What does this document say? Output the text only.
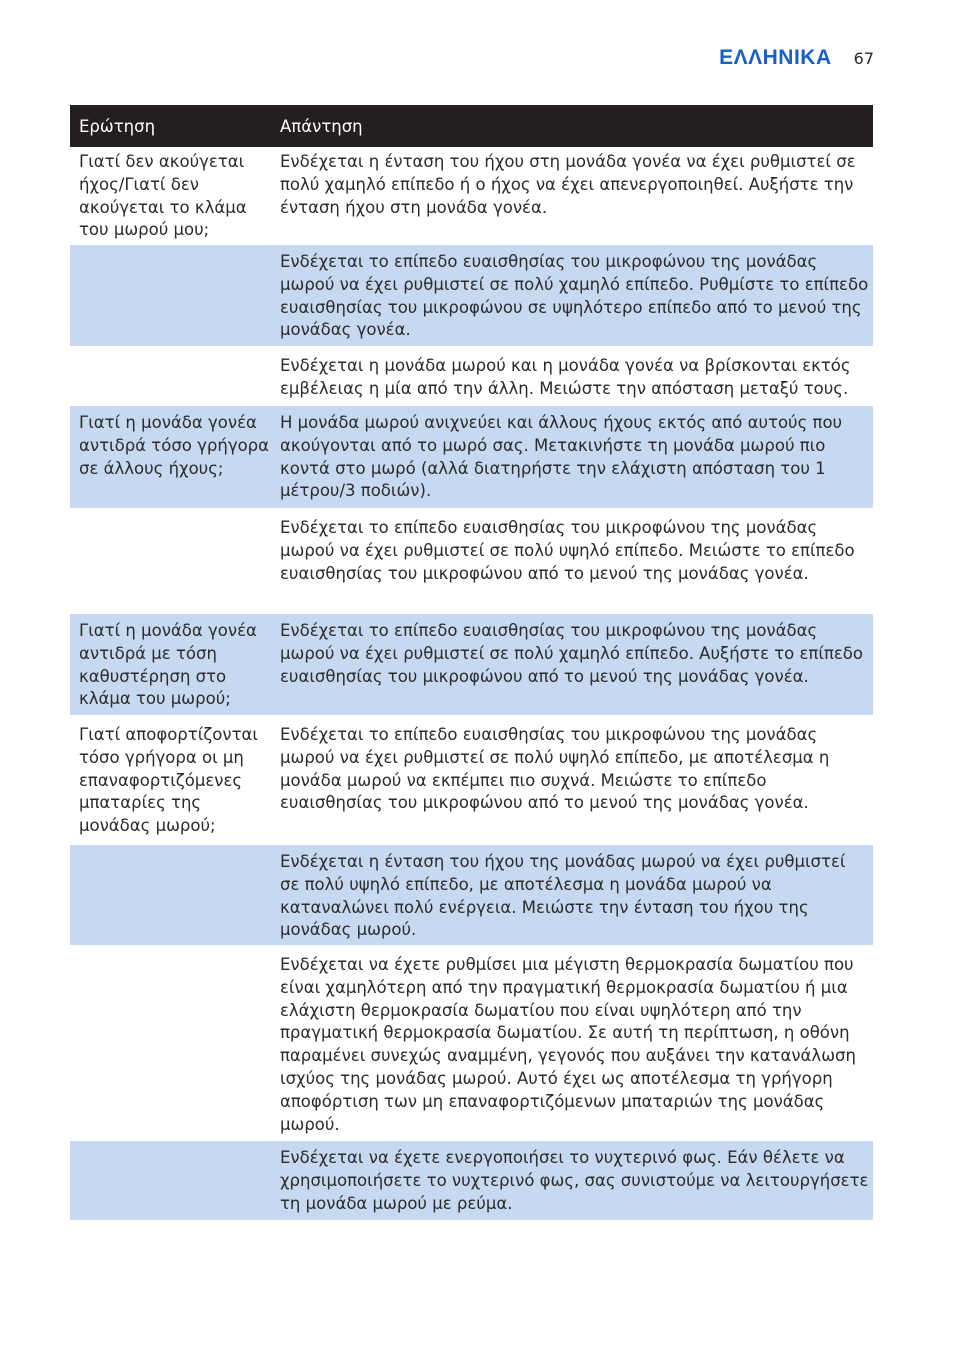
ΕΛΛΗΝΙΚΑ 67
Ερώτηση	Απάντηση
Γιατί δεν ακούγεται ήχος/Γιατί δεν ακούγεται το κλάμα του μωρού μου;
Ενδέχεται η ένταση του ήχου στη μονάδα γονέα να έχει ρυθμιστεί σε πολύ χαμηλό επίπεδο ή ο ήχος να έχει απενεργοποιηθεί. Αυξήστε την ένταση ήχου στη μονάδα γονέα.
Ενδέχεται το επίπεδο ευαισθησίας του μικροφώνου της μονάδας μωρού να έχει ρυθμιστεί σε πολύ χαμηλό επίπεδο. Ρυθμίστε το επίπεδο ευαισθησίας του μικροφώνου σε υψηλότερο επίπεδο από το μενού της μονάδας γονέα.
Ενδέχεται η μονάδα μωρού και η μονάδα γονέα να βρίσκονται εκτός εμβέλειας η μία από την άλλη. Μειώστε την απόσταση μεταξύ τους.
Γιατί η μονάδα γονέα αντιδρά τόσο γρήγορα σε άλλους ήχους;
Η μονάδα μωρού ανιχνεύει και άλλους ήχους εκτός από αυτούς που ακούγονται από το μωρό σας. Μετακινήστε τη μονάδα μωρού πιο κοντά στο μωρό (αλλά διατηρήστε την ελάχιστη απόσταση του 1 μέτρου/3 ποδιών).
Ενδέχεται το επίπεδο ευαισθησίας του μικροφώνου της μονάδας μωρού να έχει ρυθμιστεί σε πολύ υψηλό επίπεδο. Μειώστε το επίπεδο ευαισθησίας του μικροφώνου από το μενού της μονάδας γονέα.
Γιατί η μονάδα γονέα αντιδρά με τόση καθυστέρηση στο κλάμα του μωρού;
Ενδέχεται το επίπεδο ευαισθησίας του μικροφώνου της μονάδας μωρού να έχει ρυθμιστεί σε πολύ χαμηλό επίπεδο. Αυξήστε το επίπεδο ευαισθησίας του μικροφώνου από το μενού της μονάδας γονέα.
Γιατί αποφορτίζονται τόσο γρήγορα οι μη επαναφορτιζόμενες μπαταρίες της μονάδας μωρού;
Ενδέχεται το επίπεδο ευαισθησίας του μικροφώνου της μονάδας μωρού να έχει ρυθμιστεί σε πολύ υψηλό επίπεδο, με αποτέλεσμα η μονάδα μωρού να εκπέμπει πιο συχνά. Μειώστε το επίπεδο ευαισθησίας του μικροφώνου από το μενού της μονάδας γονέα.
Ενδέχεται η ένταση του ήχου της μονάδας μωρού να έχει ρυθμιστεί σε πολύ υψηλό επίπεδο, με αποτέλεσμα η μονάδα μωρού να καταναλώνει πολύ ενέργεια. Μειώστε την ένταση του ήχου της μονάδας μωρού.
Ενδέχεται να έχετε ρυθμίσει μια μέγιστη θερμοκρασία δωματίου που είναι χαμηλότερη από την πραγματική θερμοκρασία δωματίου ή μια ελάχιστη θερμοκρασία δωματίου που είναι υψηλότερη από την πραγματική θερμοκρασία δωματίου. Σε αυτή τη περίπτωση, η οθόνη παραμένει συνεχώς αναμμένη, γεγονός που αυξάνει την κατανάλωση ισχύος της μονάδας μωρού. Αυτό έχει ως αποτέλεσμα τη γρήγορη αποφόρτιση των μη επαναφορτιζόμενων μπαταριών της μονάδας μωρού.
Ενδέχεται να έχετε ενεργοποιήσει το νυχτερινό φως. Εάν θέλετε να χρησιμοποιήσετε το νυχτερινό φως, σας συνιστούμε να λειτουργήσετε τη μονάδα μωρού με ρεύμα.
